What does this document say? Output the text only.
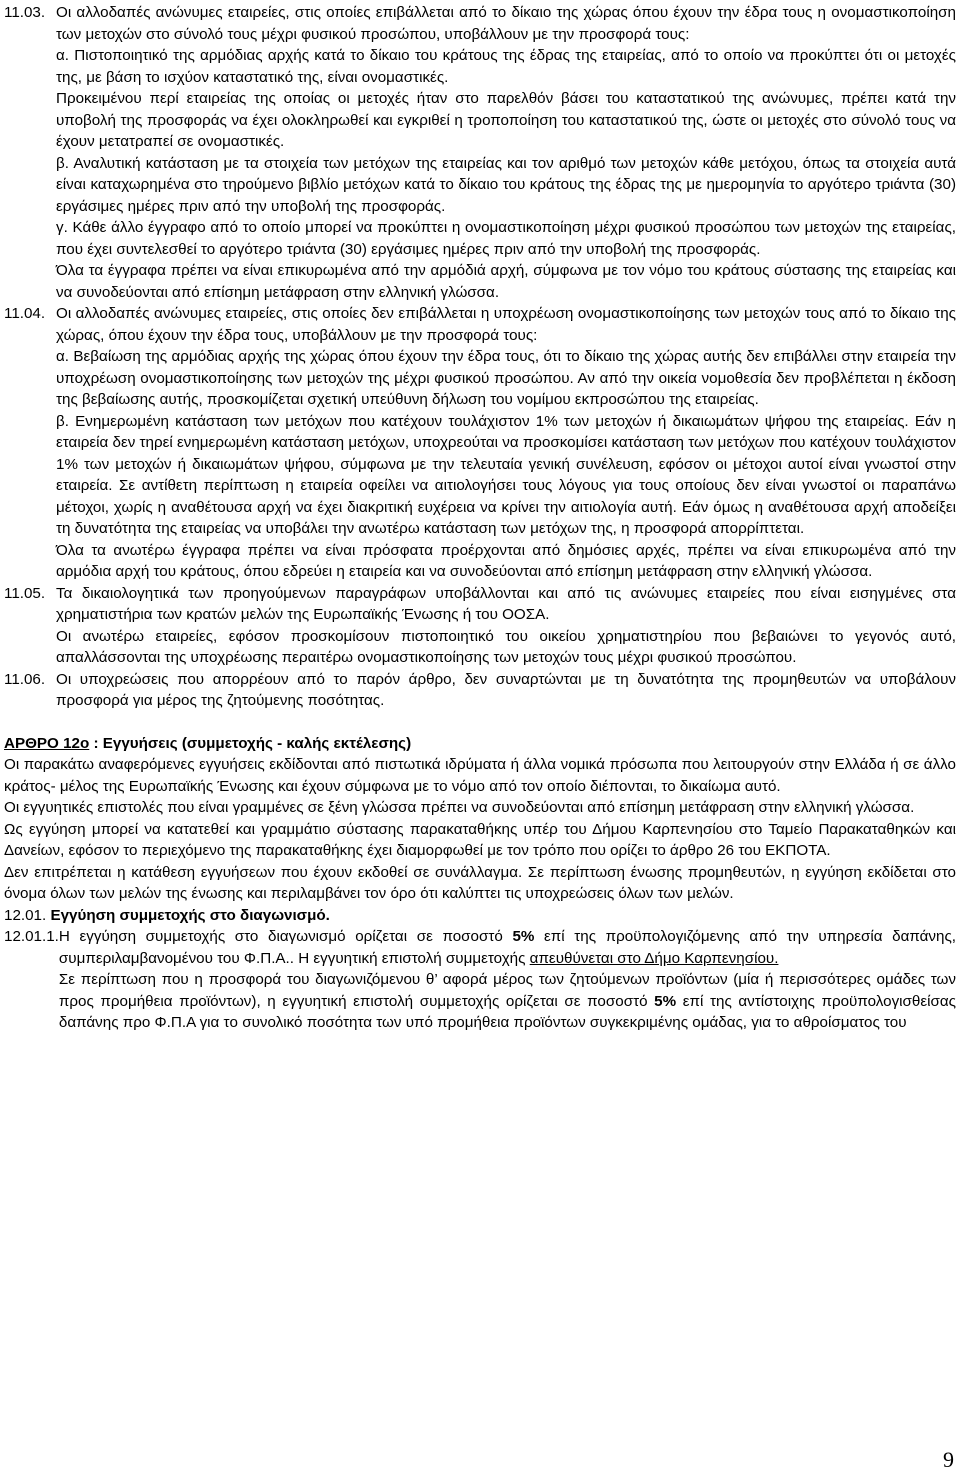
11.03. Οι αλλοδαπές ανώνυμες εταιρείες, στις οποίες επιβάλλεται από το δίκαιο της χώρας όπου έχουν την έδρα τους η ονομαστικοποίηση των μετοχών στο σύνολό τους μέχρι φυσικού προσώπου, υποβάλλουν με την προσφορά τους:

α. Πιστοποιητικό της αρμόδιας αρχής κατά το δίκαιο του κράτους της έδρας της εταιρείας, από το οποίο να προκύπτει ότι οι μετοχές της, με βάση το ισχύον καταστατικό της, είναι ονομαστικές.

Προκειμένου περί εταιρείας της οποίας οι μετοχές ήταν στο παρελθόν βάσει του καταστατικού της ανώνυμες, πρέπει κατά την υποβολή της προσφοράς να έχει ολοκληρωθεί και εγκριθεί η τροποποίηση του καταστατικού της, ώστε οι μετοχές στο σύνολό τους να έχουν μετατραπεί σε ονομαστικές.

β. Αναλυτική κατάσταση με τα στοιχεία των μετόχων της εταιρείας και τον αριθμό των μετοχών κάθε μετόχου, όπως τα στοιχεία αυτά είναι καταχωρημένα στο τηρούμενο βιβλίο μετόχων κατά το δίκαιο του κράτους της έδρας της με ημερομηνία το αργότερο τριάντα (30) εργάσιμες ημέρες πριν από την υποβολή της προσφοράς.

γ. Κάθε άλλο έγγραφο από το οποίο μπορεί να προκύπτει η ονομαστικοποίηση μέχρι φυσικού προσώπου των μετοχών της εταιρείας, που έχει συντελεσθεί το αργότερο τριάντα (30) εργάσιμες ημέρες πριν από την υποβολή της προσφοράς.

Όλα τα έγγραφα πρέπει να είναι επικυρωμένα από την αρμόδιά αρχή, σύμφωνα με τον νόμο του κράτους σύστασης της εταιρείας και να συνοδεύονται από επίσημη μετάφραση στην ελληνική γλώσσα.

11.04. Οι αλλοδαπές ανώνυμες εταιρείες, στις οποίες δεν επιβάλλεται η υποχρέωση ονομαστικοποίησης των μετοχών τους από το δίκαιο της χώρας, όπου έχουν την έδρα τους, υποβάλλουν με την προσφορά τους:

α. Βεβαίωση της αρμόδιας αρχής της χώρας όπου έχουν την έδρα τους, ότι το δίκαιο της χώρας αυτής δεν επιβάλλει στην εταιρεία την υποχρέωση ονομαστικοποίησης των μετοχών της μέχρι φυσικού προσώπου. Αν από την οικεία νομοθεσία δεν προβλέπεται η έκδοση της βεβαίωσης αυτής, προσκομίζεται σχετική υπεύθυνη δήλωση του νομίμου εκπροσώπου της εταιρείας.

β. Ενημερωμένη κατάσταση των μετόχων που κατέχουν τουλάχιστον 1% των μετοχών ή δικαιωμάτων ψήφου της εταιρείας. Εάν η εταιρεία δεν τηρεί ενημερωμένη κατάσταση μετόχων, υποχρεούται να προσκομίσει κατάσταση των μετόχων που κατέχουν τουλάχιστον 1% των μετοχών ή δικαιωμάτων ψήφου, σύμφωνα με την τελευταία γενική συνέλευση, εφόσον οι μέτοχοι αυτοί είναι γνωστοί στην εταιρεία. Σε αντίθετη περίπτωση η εταιρεία οφείλει να αιτιολογήσει τους λόγους για τους οποίους δεν είναι γνωστοί οι παραπάνω μέτοχοι, χωρίς η αναθέτουσα αρχή να έχει διακριτική ευχέρεια να κρίνει την αιτιολογία αυτή. Εάν όμως η αναθέτουσα αρχή αποδείξει τη δυνατότητα της εταιρείας να υποβάλει την ανωτέρω κατάσταση των μετόχων της, η προσφορά απορρίπτεται.

Όλα τα ανωτέρω έγγραφα πρέπει να είναι πρόσφατα προέρχονται από δημόσιες αρχές, πρέπει να είναι επικυρωμένα από την αρμόδια αρχή του κράτους, όπου εδρεύει η εταιρεία και να συνοδεύονται από επίσημη μετάφραση στην ελληνική γλώσσα.

11.05. Τα δικαιολογητικά των προηγούμενων παραγράφων υποβάλλονται και από τις ανώνυμες εταιρείες που είναι εισηγμένες στα χρηματιστήρια των κρατών μελών της Ευρωπαϊκής Ένωσης ή του ΟΟΣΑ.

Οι ανωτέρω εταιρείες, εφόσον προσκομίσουν πιστοποιητικό του οικείου χρηματιστηρίου που βεβαιώνει το γεγονός αυτό, απαλλάσσονται της υποχρέωσης περαιτέρω ονομαστικοποίησης των μετοχών τους μέχρι φυσικού προσώπου.

11.06. Οι υποχρεώσεις που απορρέουν από το παρόν άρθρο, δεν συναρτώνται με τη δυνατότητα της προμηθευτών να υποβάλουν προσφορά για μέρος της ζητούμενης ποσότητας.

ΑΡΘΡΟ 12ο : Εγγυήσεις (συμμετοχής - καλής εκτέλεσης)

Οι παρακάτω αναφερόμενες εγγυήσεις εκδίδονται από πιστωτικά ιδρύματα ή άλλα νομικά πρόσωπα που λειτουργούν στην Ελλάδα ή σε άλλο κράτος- μέλος της Ευρωπαϊκής Ένωσης και έχουν σύμφωνα με το νόμο από τον οποίο διέπονται, το δικαίωμα αυτό.

Οι εγγυητικές επιστολές που είναι γραμμένες σε ξένη γλώσσα πρέπει να συνοδεύονται από επίσημη μετάφραση στην ελληνική γλώσσα.

Ως εγγύηση μπορεί να κατατεθεί και γραμμάτιο σύστασης παρακαταθήκης υπέρ του Δήμου Καρπενησίου στο Ταμείο Παρακαταθηκών και Δανείων, εφόσον το περιεχόμενο της παρακαταθήκης έχει διαμορφωθεί με τον τρόπο που ορίζει το άρθρο 26 του ΕΚΠΟΤΑ.

Δεν επιτρέπεται η κατάθεση εγγυήσεων που έχουν εκδοθεί σε συνάλλαγμα. Σε περίπτωση ένωσης προμηθευτών, η εγγύηση εκδίδεται στο όνομα όλων των μελών της ένωσης και περιλαμβάνει τον όρο ότι καλύπτει τις υποχρεώσεις όλων των μελών.

12.01. Εγγύηση συμμετοχής στο διαγωνισμό.

12.01.1. Η εγγύηση συμμετοχής στο διαγωνισμό ορίζεται σε ποσοστό 5% επί της προϋπολογιζόμενης από την υπηρεσία δαπάνης, συμπεριλαμβανομένου του Φ.Π.Α.. Η εγγυητική επιστολή συμμετοχής απευθύνεται στο Δήμο Καρπενησίου.

Σε περίπτωση που η προσφορά του διαγωνιζόμενου θ’ αφορά μέρος των ζητούμενων προϊόντων (μία ή περισσότερες ομάδες των προς προμήθεια προϊόντων), η εγγυητική επιστολή συμμετοχής ορίζεται σε ποσοστό 5% επί της αντίστοιχης προϋπολογισθείσας δαπάνης προ Φ.Π.Α για τo συνολικό ποσότητα των υπό προμήθεια προϊόντων συγκεκριμένης ομάδας, για το αθροίσματος του

9
